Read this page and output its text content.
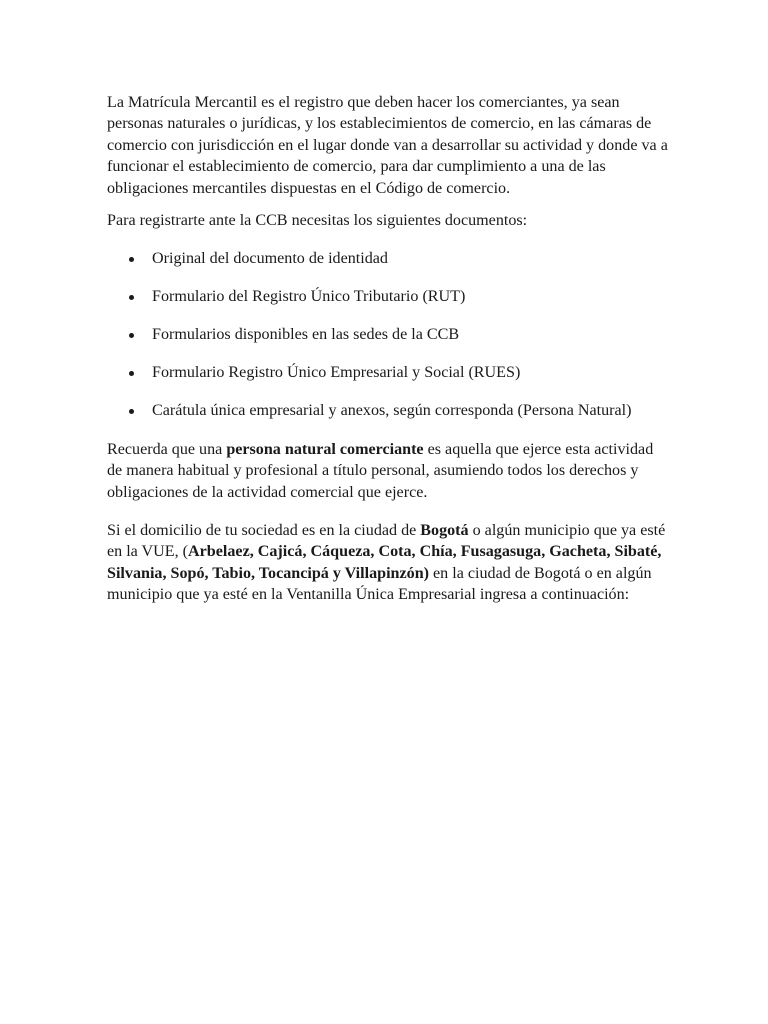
La Matrícula Mercantil es el registro que deben hacer los comerciantes, ya sean personas naturales o jurídicas, y los establecimientos de comercio, en las cámaras de comercio con jurisdicción en el lugar donde van a desarrollar su actividad y donde va a funcionar el establecimiento de comercio, para dar cumplimiento a una de las obligaciones mercantiles dispuestas en el Código de comercio.

Para registrarte ante la CCB necesitas los siguientes documentos:

Original del documento de identidad
Formulario del Registro Único Tributario (RUT)
Formularios disponibles en las sedes de la CCB
Formulario Registro Único Empresarial y Social (RUES)
Carátula única empresarial y anexos, según corresponda (Persona Natural)

Recuerda que una persona natural comerciante es aquella que ejerce esta actividad de manera habitual y profesional a título personal, asumiendo todos los derechos y obligaciones de la actividad comercial que ejerce.

Si el domicilio de tu sociedad es en la ciudad de Bogotá o algún municipio que ya esté en la VUE, (Arbelaez, Cajicá, Cáqueza, Cota, Chía, Fusagasuga, Gacheta, Sibaté, Silvania, Sopó, Tabio, Tocancipá y Villapinzón) en la ciudad de Bogotá o en algún municipio que ya esté en la Ventanilla Única Empresarial ingresa a continuación:
